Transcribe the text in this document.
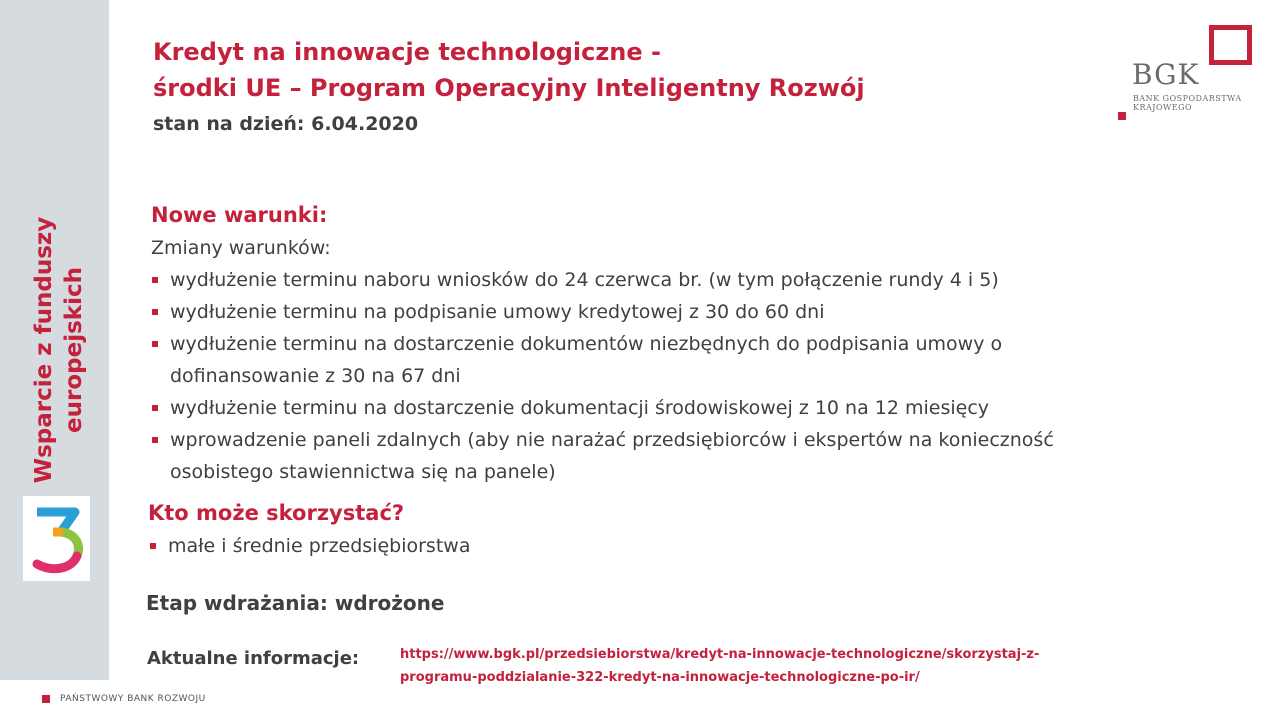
Wsparcie z funduszy europejskich
Kredyt na innowacje technologiczne -
środki UE – Program Operacyjny Inteligentny Rozwój
stan na dzień: 6.04.2020
BGK
BANK GOSPODARSTWA
KRAJOWEGO
Nowe warunki:
Zmiany warunków:
wydłużenie terminu naboru wniosków do 24 czerwca br. (w tym połączenie rundy 4 i 5)
wydłużenie terminu na podpisanie umowy kredytowej z 30 do 60 dni
wydłużenie terminu na dostarczenie dokumentów niezbędnych do podpisania umowy o
dofinansowanie z 30 na 67 dni
wydłużenie terminu na dostarczenie dokumentacji środowiskowej z 10 na 12 miesięcy
wprowadzenie paneli zdalnych (aby nie narażać przedsiębiorców i ekspertów na konieczność
osobistego stawiennictwa się na panele)
Kto może skorzystać?
małe i średnie przedsiębiorstwa
Etap wdrażania: wdrożone
Aktualne informacje:	https://www.bgk.pl/przedsiebiorstwa/kredyt-na-innowacje-technologiczne/skorzystaj-z-
programu-poddzialanie-322-kredyt-na-innowacje-technologiczne-po-ir/
PAŃSTWOWY BANK ROZWOJU
